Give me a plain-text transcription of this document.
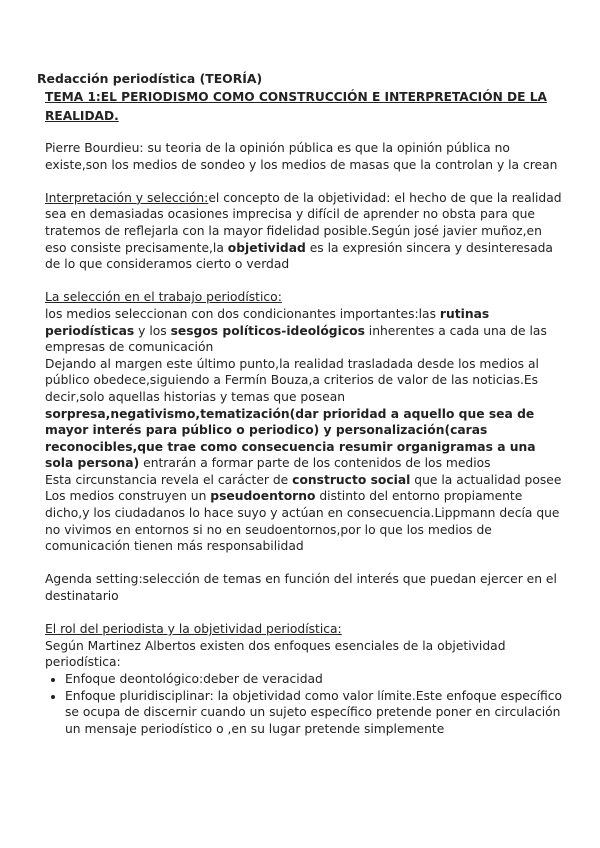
Redacción periodística (TEORÍA)
TEMA 1:EL PERIODISMO COMO CONSTRUCCIÓN E INTERPRETACIÓN DE LA REALIDAD.

Pierre Bourdieu: su teoria de la opinión pública es que la opinión pública no existe,son los medios de sondeo y los medios de masas que la controlan y la crean

Interpretación y selección:el concepto de la objetividad: el hecho de que la realidad sea en demasiadas ocasiones imprecisa y difícil de aprender no obsta para que tratemos de reflejarla con la mayor fidelidad posible.Según josé javier muñoz,en eso consiste precisamente,la objetividad es la expresión sincera y desinteresada de lo que consideramos cierto o verdad

La selección en el trabajo periodístico:

los medios seleccionan con dos condicionantes importantes:las rutinas periodísticas y los sesgos políticos-ideológicos inherentes a cada una de las empresas de comunicación

Dejando al margen este último punto,la realidad trasladada desde los medios al público obedece,siguiendo a Fermín Bouza,a criterios de valor de las noticias.Es decir,solo aquellas historias y temas que posean sorpresa,negativismo,tematización(dar prioridad a aquello que sea de mayor interés para público o periodico) y personalización(caras reconocibles,que trae como consecuencia resumir organigramas a una sola persona) entrarán a formar parte de los contenidos de los medios

Esta circunstancia revela el carácter de constructo social que la actualidad posee

Los medios construyen un pseudoentorno distinto del entorno propiamente dicho,y los ciudadanos lo hace suyo y actúan en consecuencia.Lippmann decía que no vivimos en entornos si no en seudoentornos,por lo que los medios de comunicación tienen más responsabilidad

Agenda setting:selección de temas en función del interés que puedan ejercer en el destinatario

El rol del periodista y la objetividad periodística:

Según Martinez Albertos existen dos enfoques esenciales de la objetividad periodística:

• Enfoque deontológico:deber de veracidad
• Enfoque pluridisciplinar: la objetividad como valor límite.Este enfoque específico se ocupa de discernir cuando un sujeto específico pretende poner en circulación un mensaje periodístico o ,en su lugar pretende simplemente
